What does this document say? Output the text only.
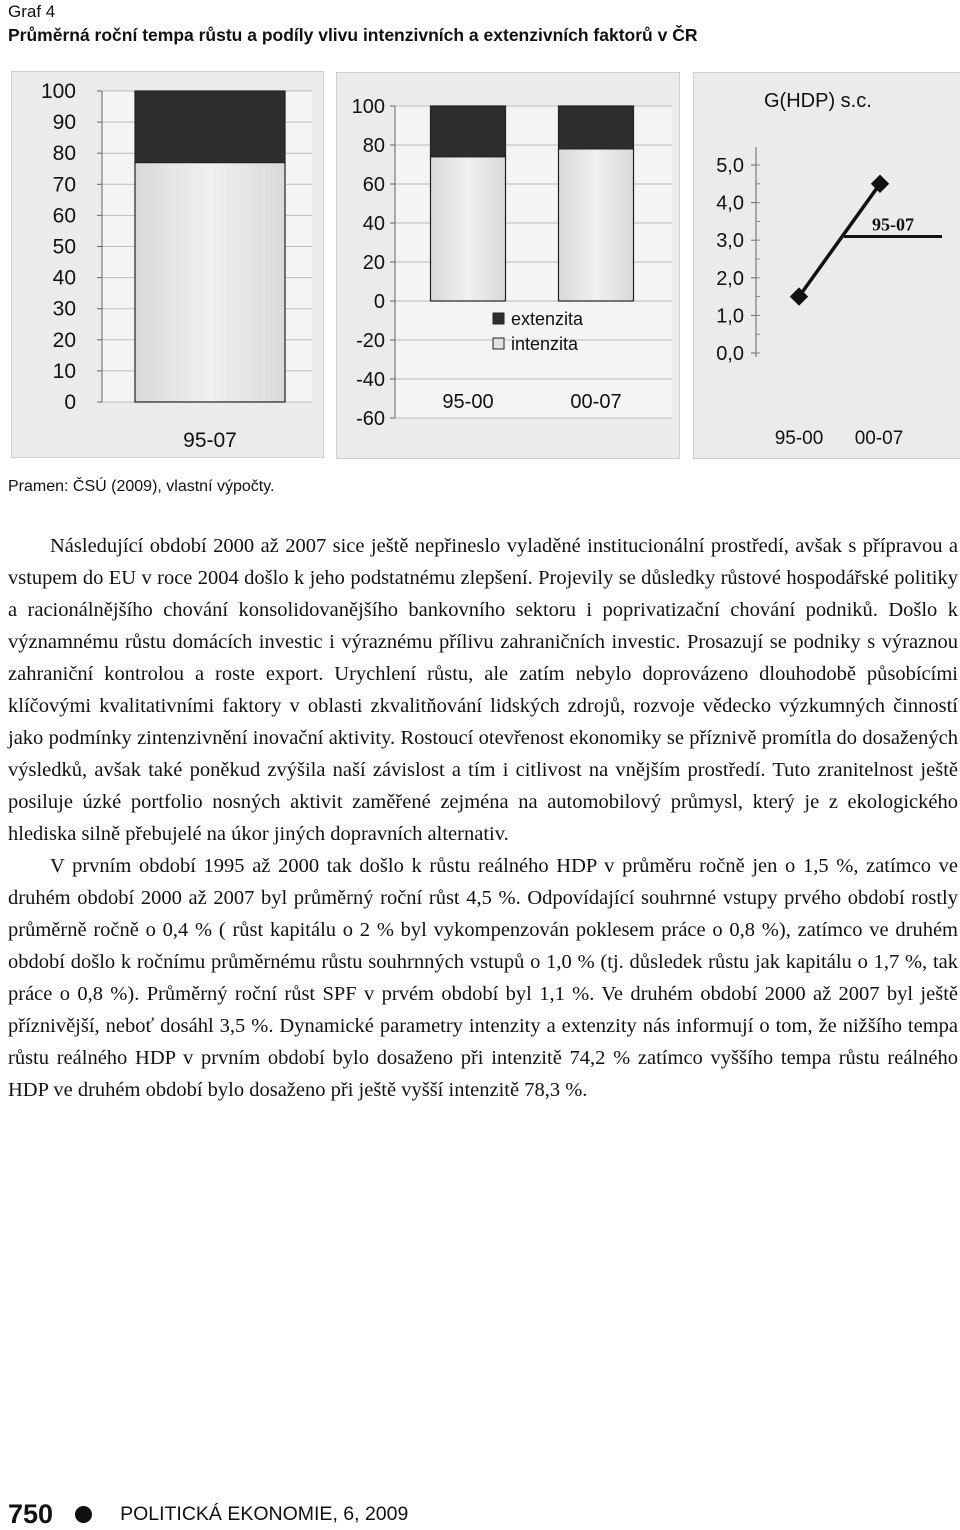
Graf 4
Průměrná roční tempa růstu a podíly vlivu intenzivních a extenzivních faktorů v ČR
100
90
80
70
60
50
40
30
20
10
0
95-07
100
80
60
40
20
0
-20
-40
-60
95-00	00-07
extenzita
intenzita
G(HDP) s.c.
5,0
4,0
3,0
2,0
1,0
0,0
95-07
95-00 00-07
Pramen: ČSÚ (2009), vlastní výpočty.

Následující období 2000 až 2007 sice ještě nepřineslo vyladěné institucionální prostředí, avšak s přípravou a vstupem do EU v roce 2004 došlo k jeho podstatnému zlepšení. Projevily se důsledky růstové hospodářské politiky a racionálnějšího chování konsolidovanějšího bankovního sektoru i poprivatizační chování podniků. Došlo k významnému růstu domácích investic i výraznému přílivu zahraničních investic. Prosazují se podniky s výraznou zahraniční kontrolou a roste export. Urychlení růstu, ale zatím nebylo doprovázeno dlouhodobě působícími klíčovými kvalitativními faktory v oblasti zkvalitňování lidských zdrojů, rozvoje vědecko výzkumných činností jako podmínky zintenzivnění inovační aktivity. Rostoucí otevřenost ekonomiky se příznivě promítla do dosažených výsledků, avšak také poněkud zvýšila naší závislost a tím i citlivost na vnějším prostředí. Tuto zranitelnost ještě posiluje úzké portfolio nosných aktivit zaměřené zejména na automobilový průmysl, který je z ekologického hlediska silně přebujelé na úkor jiných dopravních alternativ.

V prvním období 1995 až 2000 tak došlo k růstu reálného HDP v průměru ročně jen o 1,5 %, zatímco ve druhém období 2000 až 2007 byl průměrný roční růst 4,5 %. Odpovídající souhrnné vstupy prvého období rostly průměrně ročně o 0,4 % ( růst kapitálu o 2 % byl vykompenzován poklesem práce o 0,8 %), zatímco ve druhém období došlo k ročnímu průměrnému růstu souhrnných vstupů o 1,0 % (tj. důsledek růstu jak kapitálu o 1,7 %, tak práce o 0,8 %). Průměrný roční růst SPF v prvém období byl 1,1 %. Ve druhém období 2000 až 2007 byl ještě příznivější, neboť dosáhl 3,5 %. Dynamické parametry intenzity a extenzity nás informují o tom, že nižšího tempa růstu reálného HDP v prvním období bylo dosaženo při intenzitě 74,2 % zatímco vyššího tempa růstu reálného HDP ve druhém období bylo dosaženo při ještě vyšší intenzitě 78,3 %.

750	POLITICKÁ EKONOMIE, 6, 2009
